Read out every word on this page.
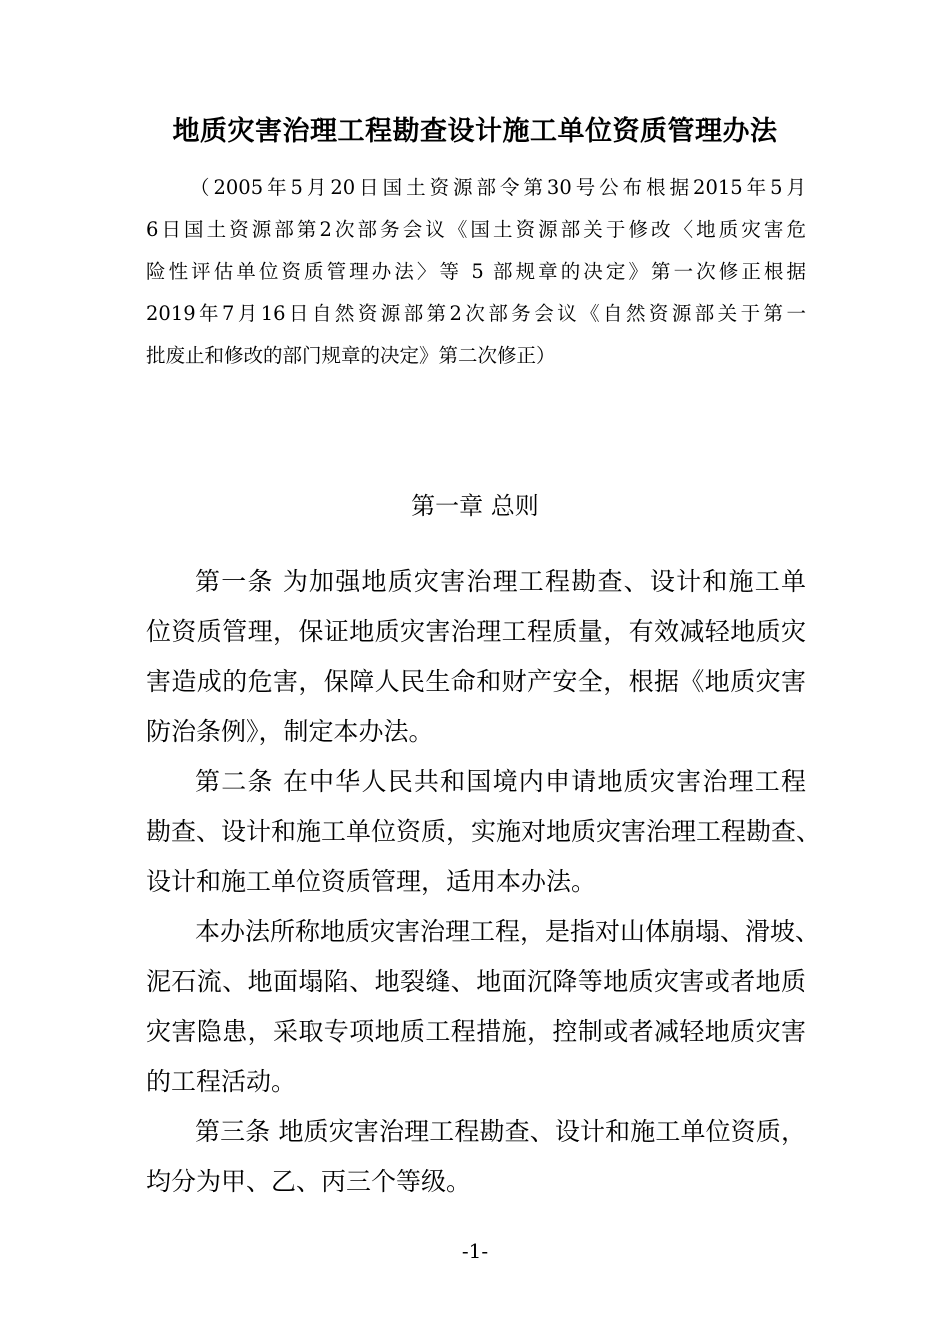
地质灾害治理工程勘查设计施工单位资质管理办法
（2005年5月20日国土资源部令第30号公布根据2015年5月
6日国土资源部第2次部务会议《国土资源部关于修改〈地质灾害危
险性评估单位资质管理办法〉等 5 部规章的决定》第一次修正根据
2019年7月16日自然资源部第2次部务会议《自然资源部关于第一
批废止和修改的部门规章的决定》第二次修正）
第一章 总则
第一条 为加强地质灾害治理工程勘查、设计和施工单
位资质管理，保证地质灾害治理工程质量，有效减轻地质灾
害造成的危害，保障人民生命和财产安全，根据《地质灾害
防治条例》，制定本办法。
第二条 在中华人民共和国境内申请地质灾害治理工程
勘查、设计和施工单位资质，实施对地质灾害治理工程勘查、
设计和施工单位资质管理，适用本办法。
本办法所称地质灾害治理工程，是指对山体崩塌、滑坡、
泥石流、地面塌陷、地裂缝、地面沉降等地质灾害或者地质
灾害隐患，采取专项地质工程措施，控制或者减轻地质灾害
的工程活动。
第三条 地质灾害治理工程勘查、设计和施工单位资质，
均分为甲、乙、丙三个等级。
-1-
